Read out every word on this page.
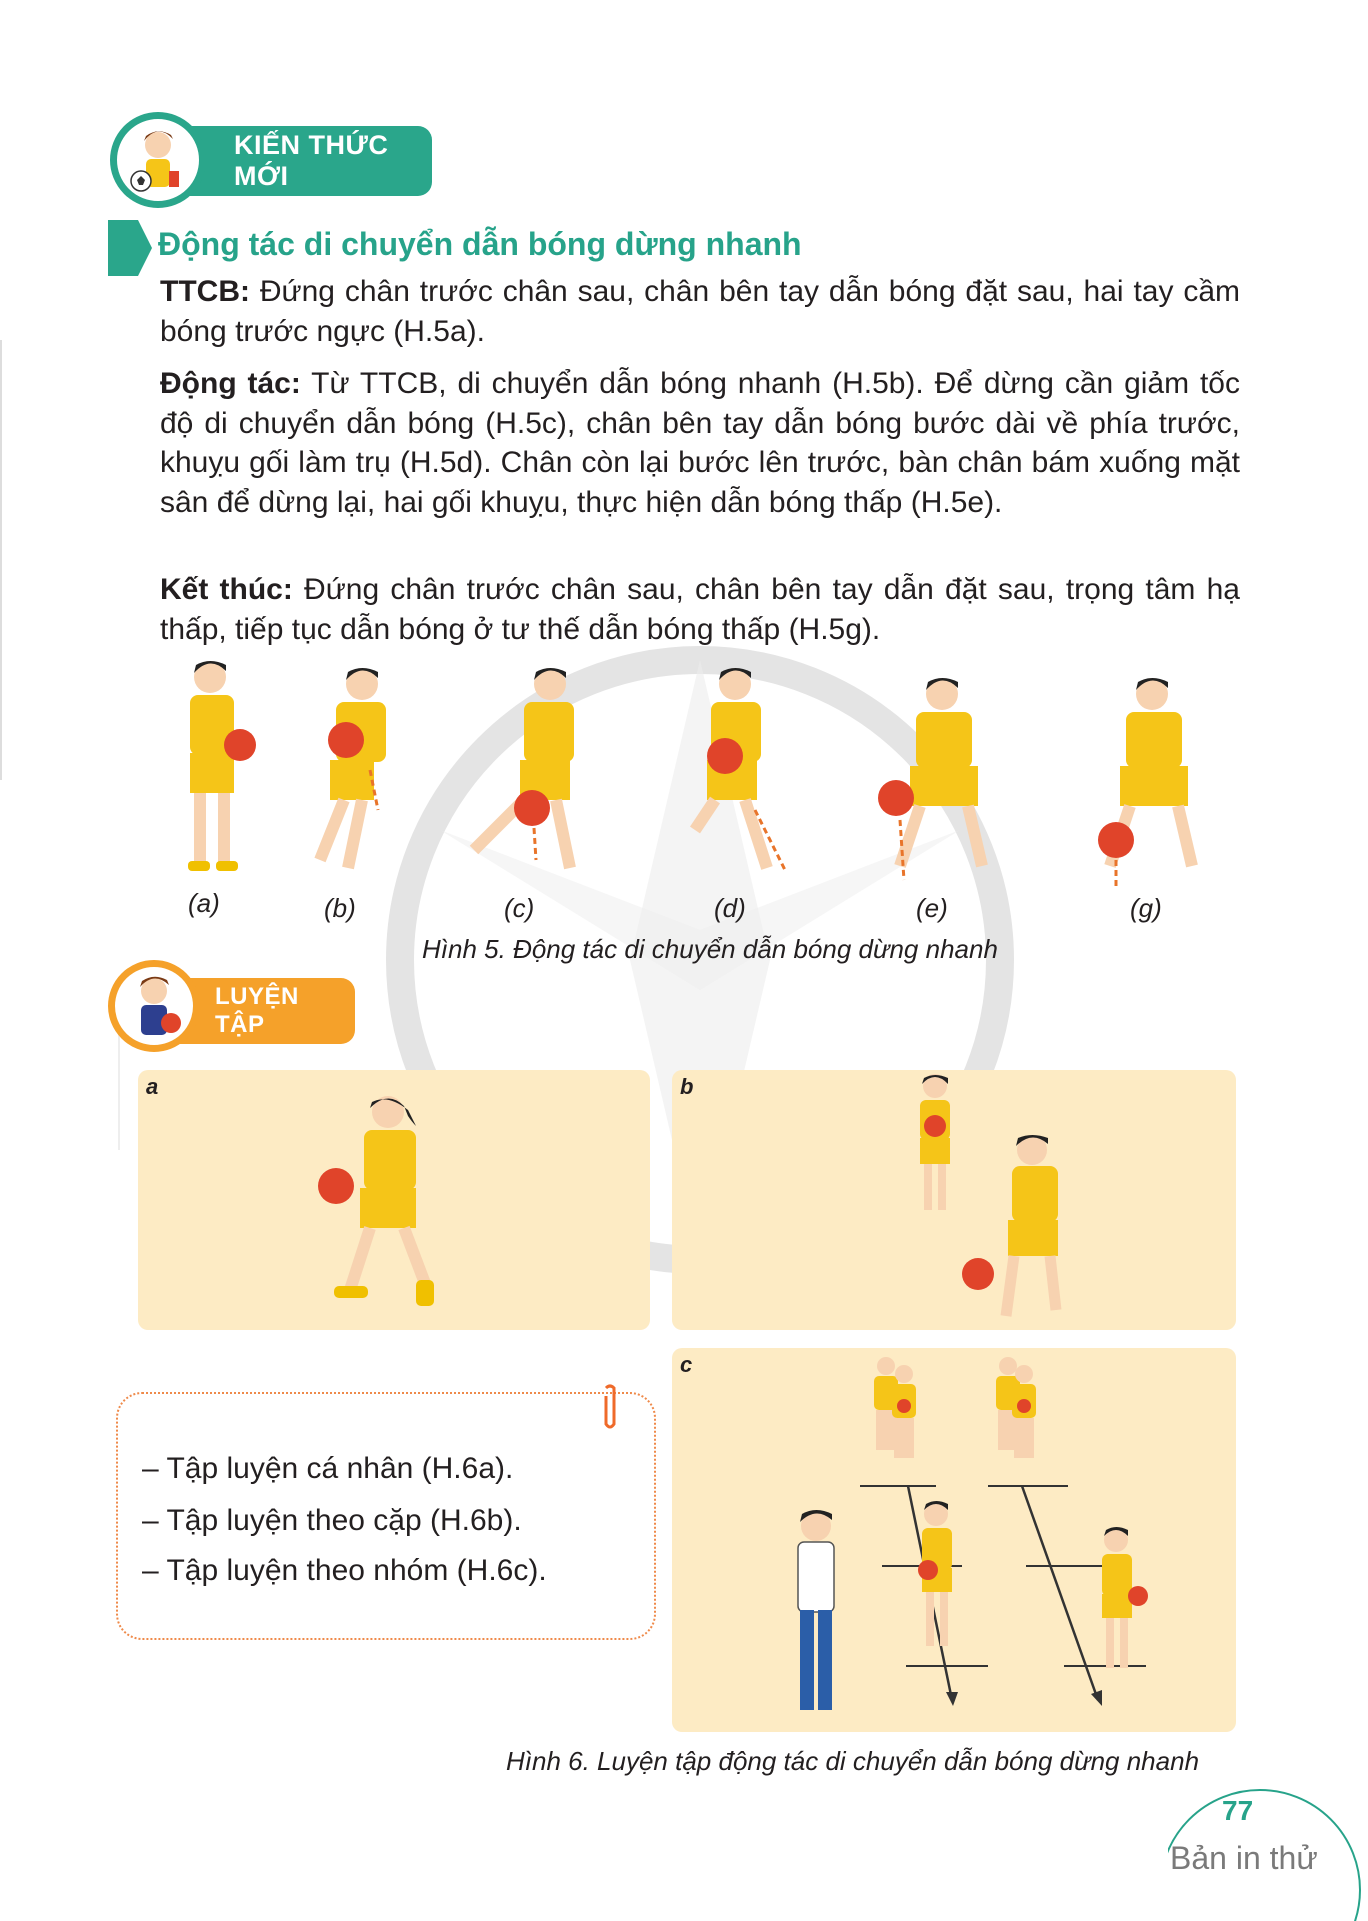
KIẾN THỨC MỚI
Động tác di chuyển dẫn bóng dừng nhanh
TTCB: Đứng chân trước chân sau, chân bên tay dẫn bóng đặt sau, hai tay cầm bóng trước ngực (H.5a).
Động tác: Từ TTCB, di chuyển dẫn bóng nhanh (H.5b). Để dừng cần giảm tốc độ di chuyển dẫn bóng (H.5c), chân bên tay dẫn bóng bước dài về phía trước, khuỵu gối làm trụ (H.5d). Chân còn lại bước lên trước, bàn chân bám xuống mặt sân để dừng lại, hai gối khuỵu, thực hiện dẫn bóng thấp (H.5e).
Kết thúc: Đứng chân trước chân sau, chân bên tay dẫn đặt sau, trọng tâm hạ thấp, tiếp tục dẫn bóng ở tư thế dẫn bóng thấp (H.5g).
(a)	(b)	(c)	(d)	(e)	(g)
Hình 5. Động tác di chuyển dẫn bóng dừng nhanh
LUYỆN TẬP
a	b
c
– Tập luyện cá nhân (H.6a).
– Tập luyện theo cặp (H.6b).
– Tập luyện theo nhóm (H.6c).
Hình 6. Luyện tập động tác di chuyển dẫn bóng dừng nhanh
77
Bản in thử
